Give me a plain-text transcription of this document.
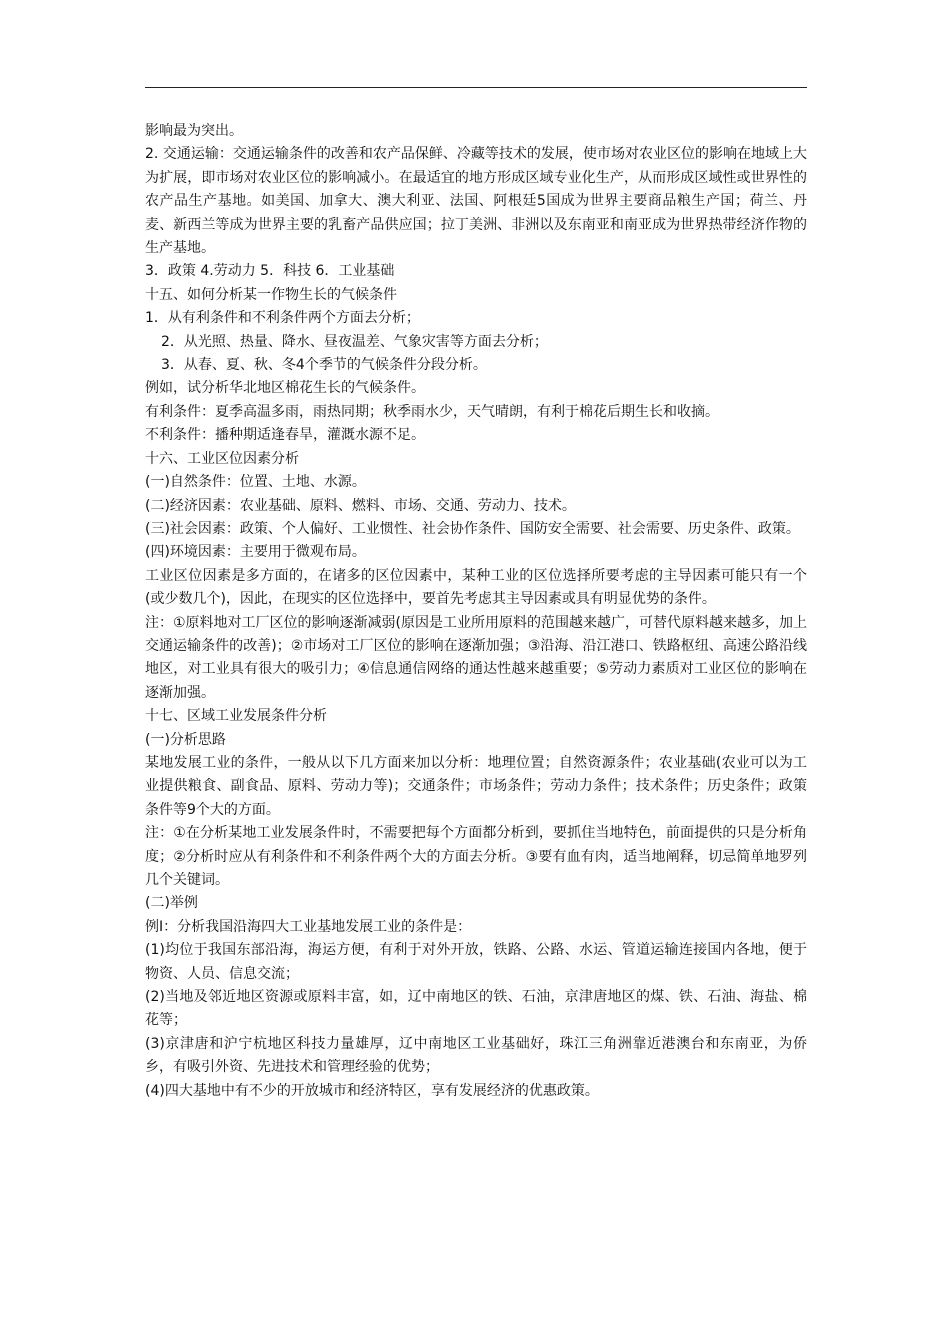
影响最为突出。

2. 交通运输：交通运输条件的改善和农产品保鲜、冷藏等技术的发展，使市场对农业区位的影响在地域上大为扩展，即市场对农业区位的影响减小。在最适宜的地方形成区域专业化生产，从而形成区域性或世界性的农产品生产基地。如美国、加拿大、澳大利亚、法国、阿根廷5国成为世界主要商品粮生产国；荷兰、丹麦、新西兰等成为世界主要的乳畜产品供应国；拉丁美洲、非洲以及东南亚和南亚成为世界热带经济作物的生产基地。

3．政策 4.劳动力 5．科技 6．工业基础

十五、如何分析某一作物生长的气候条件

1．从有利条件和不利条件两个方面去分析；

2．从光照、热量、降水、昼夜温差、气象灾害等方面去分析；

3．从春、夏、秋、冬4个季节的气候条件分段分析。

例如，试分析华北地区棉花生长的气候条件。

有利条件：夏季高温多雨，雨热同期；秋季雨水少，天气晴朗，有利于棉花后期生长和收摘。

不利条件：播种期适逢春旱，灌溉水源不足。

十六、工业区位因素分析

(一)自然条件：位置、土地、水源。

(二)经济因素：农业基础、原料、燃料、市场、交通、劳动力、技术。

(三)社会因素：政策、个人偏好、工业惯性、社会协作条件、国防安全需要、社会需要、历史条件、政策。

(四)环境因素：主要用于微观布局。

工业区位因素是多方面的，在诸多的区位因素中，某种工业的区位选择所要考虑的主导因素可能只有一个(或少数几个)，因此，在现实的区位选择中，要首先考虑其主导因素或具有明显优势的条件。

注：①原料地对工厂区位的影响逐渐减弱(原因是工业所用原料的范围越来越广，可替代原料越来越多，加上交通运输条件的改善)；②市场对工厂区位的影响在逐渐加强；③沿海、沿江港口、铁路枢纽、高速公路沿线地区，对工业具有很大的吸引力；④信息通信网络的通达性越来越重要；⑤劳动力素质对工业区位的影响在逐渐加强。

十七、区域工业发展条件分析

(一)分析思路

某地发展工业的条件，一般从以下几方面来加以分析：地理位置；自然资源条件；农业基础(农业可以为工业提供粮食、副食品、原料、劳动力等)；交通条件；市场条件；劳动力条件；技术条件；历史条件；政策条件等9个大的方面。

注：①在分析某地工业发展条件时，不需要把每个方面都分析到，要抓住当地特色，前面提供的只是分析角度；②分析时应从有利条件和不利条件两个大的方面去分析。③要有血有肉，适当地阐释，切忌简单地罗列几个关键词。

(二)举例

例Ⅰ：分析我国沿海四大工业基地发展工业的条件是：

(1)均位于我国东部沿海，海运方便，有利于对外开放，铁路、公路、水运、管道运输连接国内各地，便于物资、人员、信息交流；

(2)当地及邻近地区资源或原料丰富，如，辽中南地区的铁、石油，京津唐地区的煤、铁、石油、海盐、棉花等；

(3)京津唐和沪宁杭地区科技力量雄厚，辽中南地区工业基础好，珠江三角洲靠近港澳台和东南亚，为侨乡，有吸引外资、先进技术和管理经验的优势；

(4)四大基地中有不少的开放城市和经济特区，享有发展经济的优惠政策。
